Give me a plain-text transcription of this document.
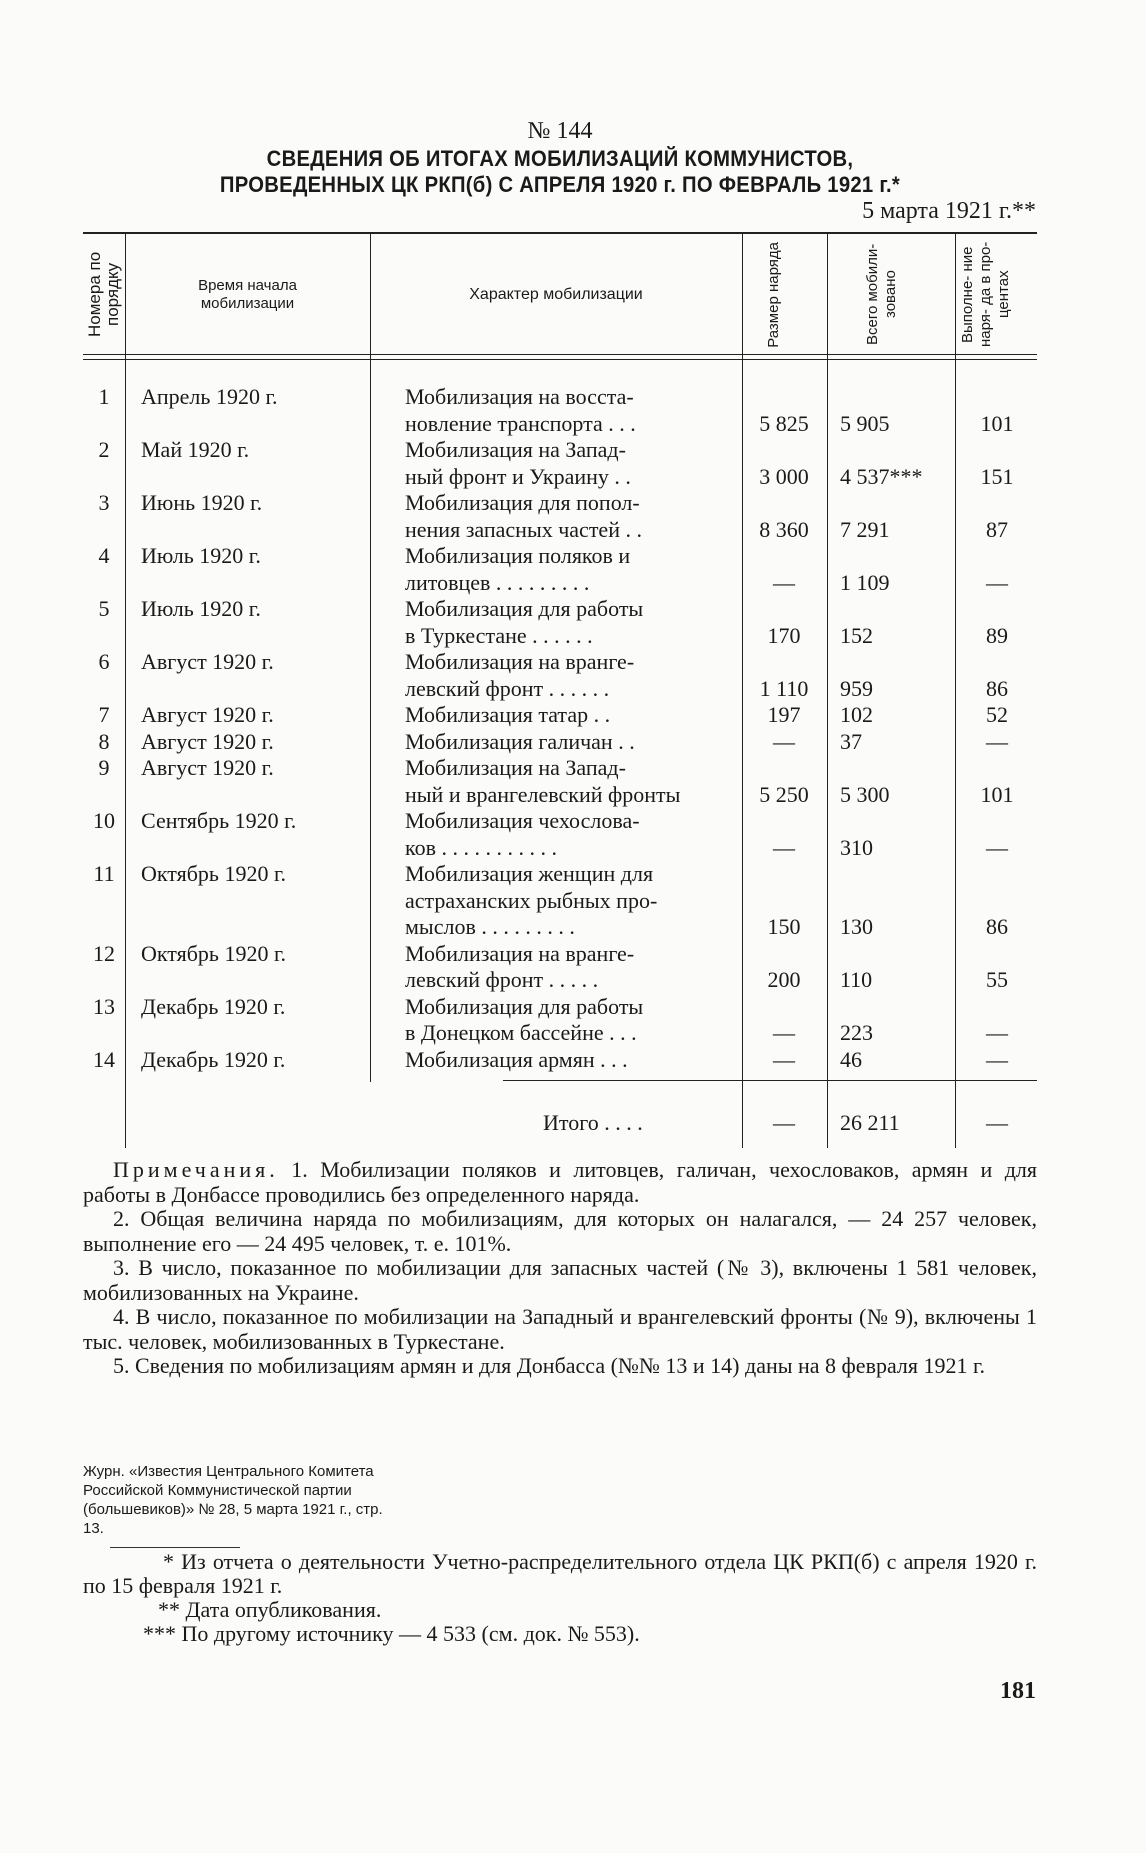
№ 144
СВЕДЕНИЯ ОБ ИТОГАХ МОБИЛИЗАЦИЙ КОММУНИСТОВ,
ПРОВЕДЕННЫХ ЦК РКП(б) С АПРЕЛЯ 1920 г. ПО ФЕВРАЛЬ 1921 г.*
5 марта 1921 г.**
Номера по порядку	Время начала мобилизации
Характер мобилизации	Размер наряда	Всего мобили- зовано	Выполне- ние наря- да в про- центах
1	Апрель 1920 г.	Мобилизация на восста-
новление транспорта . . .	5 825	5 905	101
2	Май 1920 г.	Мобилизация на Запад-
ный фронт и Украину . .	3 000	4 537***	151
3	Июнь 1920 г.	Мобилизация для попол-
нения запасных частей . .	8 360	7 291	87
4	Июль 1920 г.	Мобилизация поляков и
литовцев . . . . . . . . .	—	1 109	—
5	Июль 1920 г.	Мобилизация для работы
в Туркестане . . . . . .	170	152	89
6	Август 1920 г.	Мобилизация на вранге-
левский фронт . . . . . .	1 110	959	86
7	Август 1920 г.	Мобилизация татар . .	197	102	52
8	Август 1920 г.	Мобилизация галичан . .	—	37	—
9	Август 1920 г.	Мобилизация на Запад-
ный и врангелевский фронты	5 250	5 300	101
10	Сентябрь 1920 г.	Мобилизация чехослова-
ков . . . . . . . . . . .	—	310	—
11	Октябрь 1920 г.	Мобилизация женщин для
астраханских рыбных про-
мыслов . . . . . . . . .	150	130	86
12	Октябрь 1920 г.	Мобилизация на вранге-
левский фронт . . . . .	200	110	55
13	Декабрь 1920 г.	Мобилизация для работы
в Донецком бассейне . . .	—	223	—
14	Декабрь 1920 г.	Мобилизация армян . . .	—	46	—
Итого . . . .	—	26 211	—

Примечания. 1. Мобилизации поляков и литовцев, галичан, чехословаков, армян и для работы в Донбассе проводились без определенного наряда.

2. Общая величина наряда по мобилизациям, для которых он налагался, — 24 257 человек, выполнение его — 24 495 человек, т. е. 101%.

3. В число, показанное по мобилизации для запасных частей (№ 3), включены 1 581 человек, мобилизованных на Украине.

4. В число, показанное по мобилизации на Западный и врангелевский фронты (№ 9), включены 1 тыс. человек, мобилизованных в Туркестане.

5. Сведения по мобилизациям армян и для Донбасса (№№ 13 и 14) даны на 8 февраля 1921 г.

Журн. «Известия Центрального Комитета Российской Коммунистической партии (большевиков)» № 28, 5 марта 1921 г., стр. 13.

* Из отчета о деятельности Учетно-распределительного отдела ЦК РКП(б) с апреля 1920 г. по 15 февраля 1921 г.

** Дата опубликования.

*** По другому источнику — 4 533 (см. док. № 553).

181
